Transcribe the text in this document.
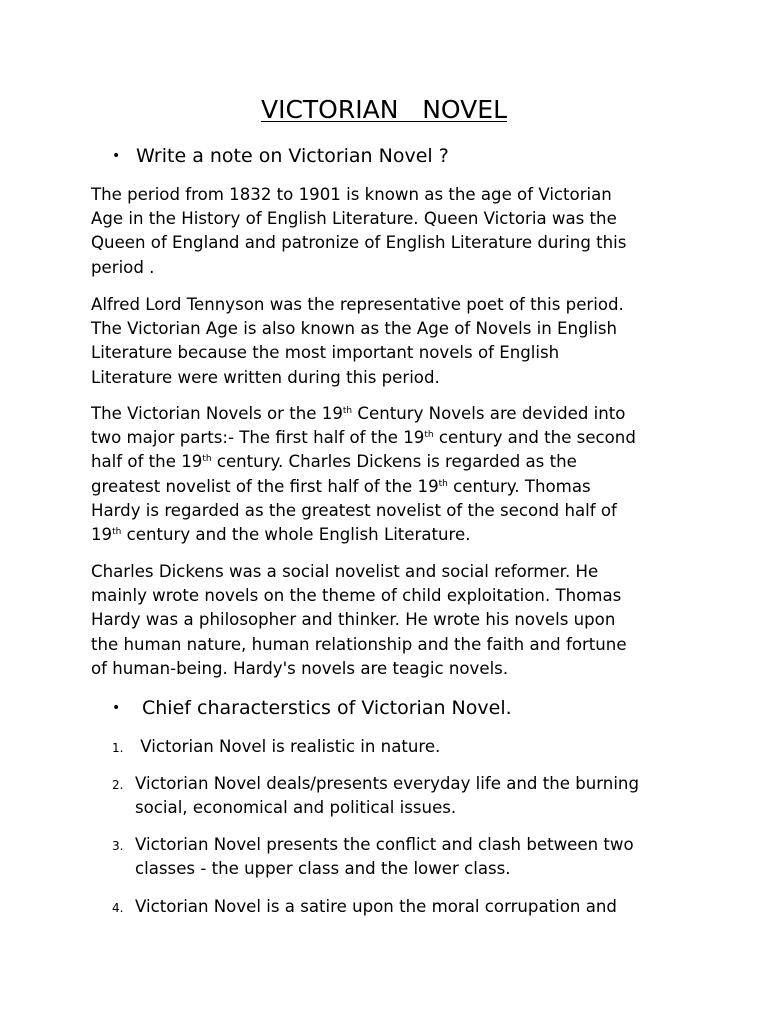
VICTORIAN   NOVEL
• Write a note on Victorian Novel ?
The period from 1832 to 1901 is known as the age of Victorian
Age in the History of English Literature. Queen Victoria was the
Queen of England and patronize of English Literature during this
period .
Alfred Lord Tennyson was the representative poet of this period.
The Victorian Age is also known as the Age of Novels in English
Literature because the most important novels of English
Literature were written during this period.
The Victorian Novels or the 19th Century Novels are devided into
two major parts:- The first half of the 19th century and the second
half of the 19th century. Charles Dickens is regarded as the
greatest novelist of the first half of the 19th century. Thomas
Hardy is regarded as the greatest novelist of the second half of
19th century and the whole English Literature.
Charles Dickens was a social novelist and social reformer. He
mainly wrote novels on the theme of child exploitation. Thomas
Hardy was a philosopher and thinker. He wrote his novels upon
the human nature, human relationship and the faith and fortune
of human-being. Hardy's novels are teagic novels.
• Chief characterstics of Victorian Novel.
1. Victorian Novel is realistic in nature.
2. Victorian Novel deals/presents everyday life and the burning
social, economical and political issues.
3. Victorian Novel presents the conflict and clash between two
classes - the upper class and the lower class.
4. Victorian Novel is a satire upon the moral corrupation and
